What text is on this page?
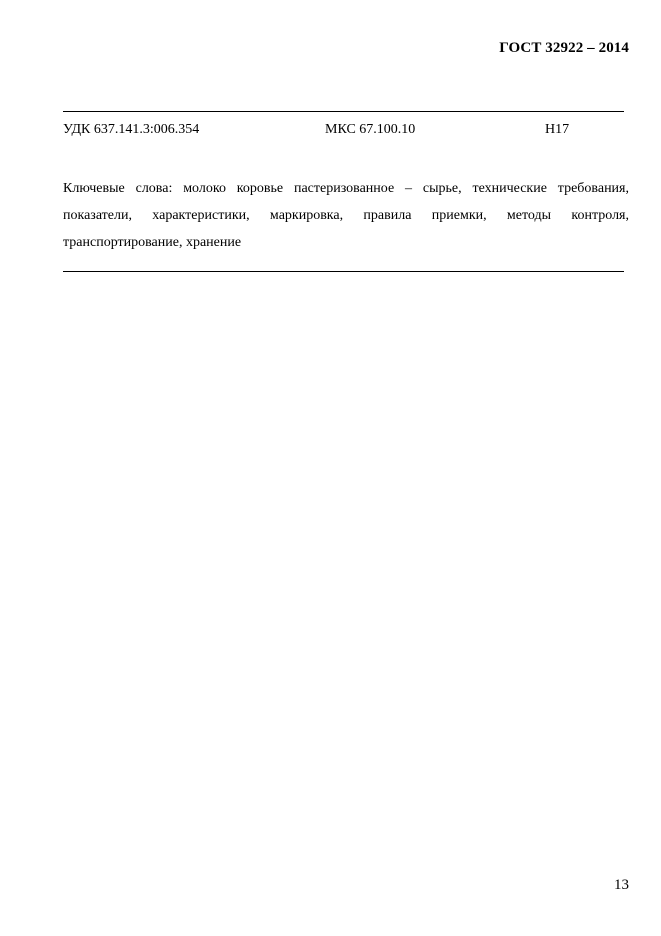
ГОСТ 32922 – 2014
УДК 637.141.3:006.354	МКС 67.100.10	Н17

Ключевые слова: молоко коровье пастеризованное – сырье, технические требования, показатели, характеристики, маркировка, правила приемки, методы контроля, транспортирование, хранение

13
